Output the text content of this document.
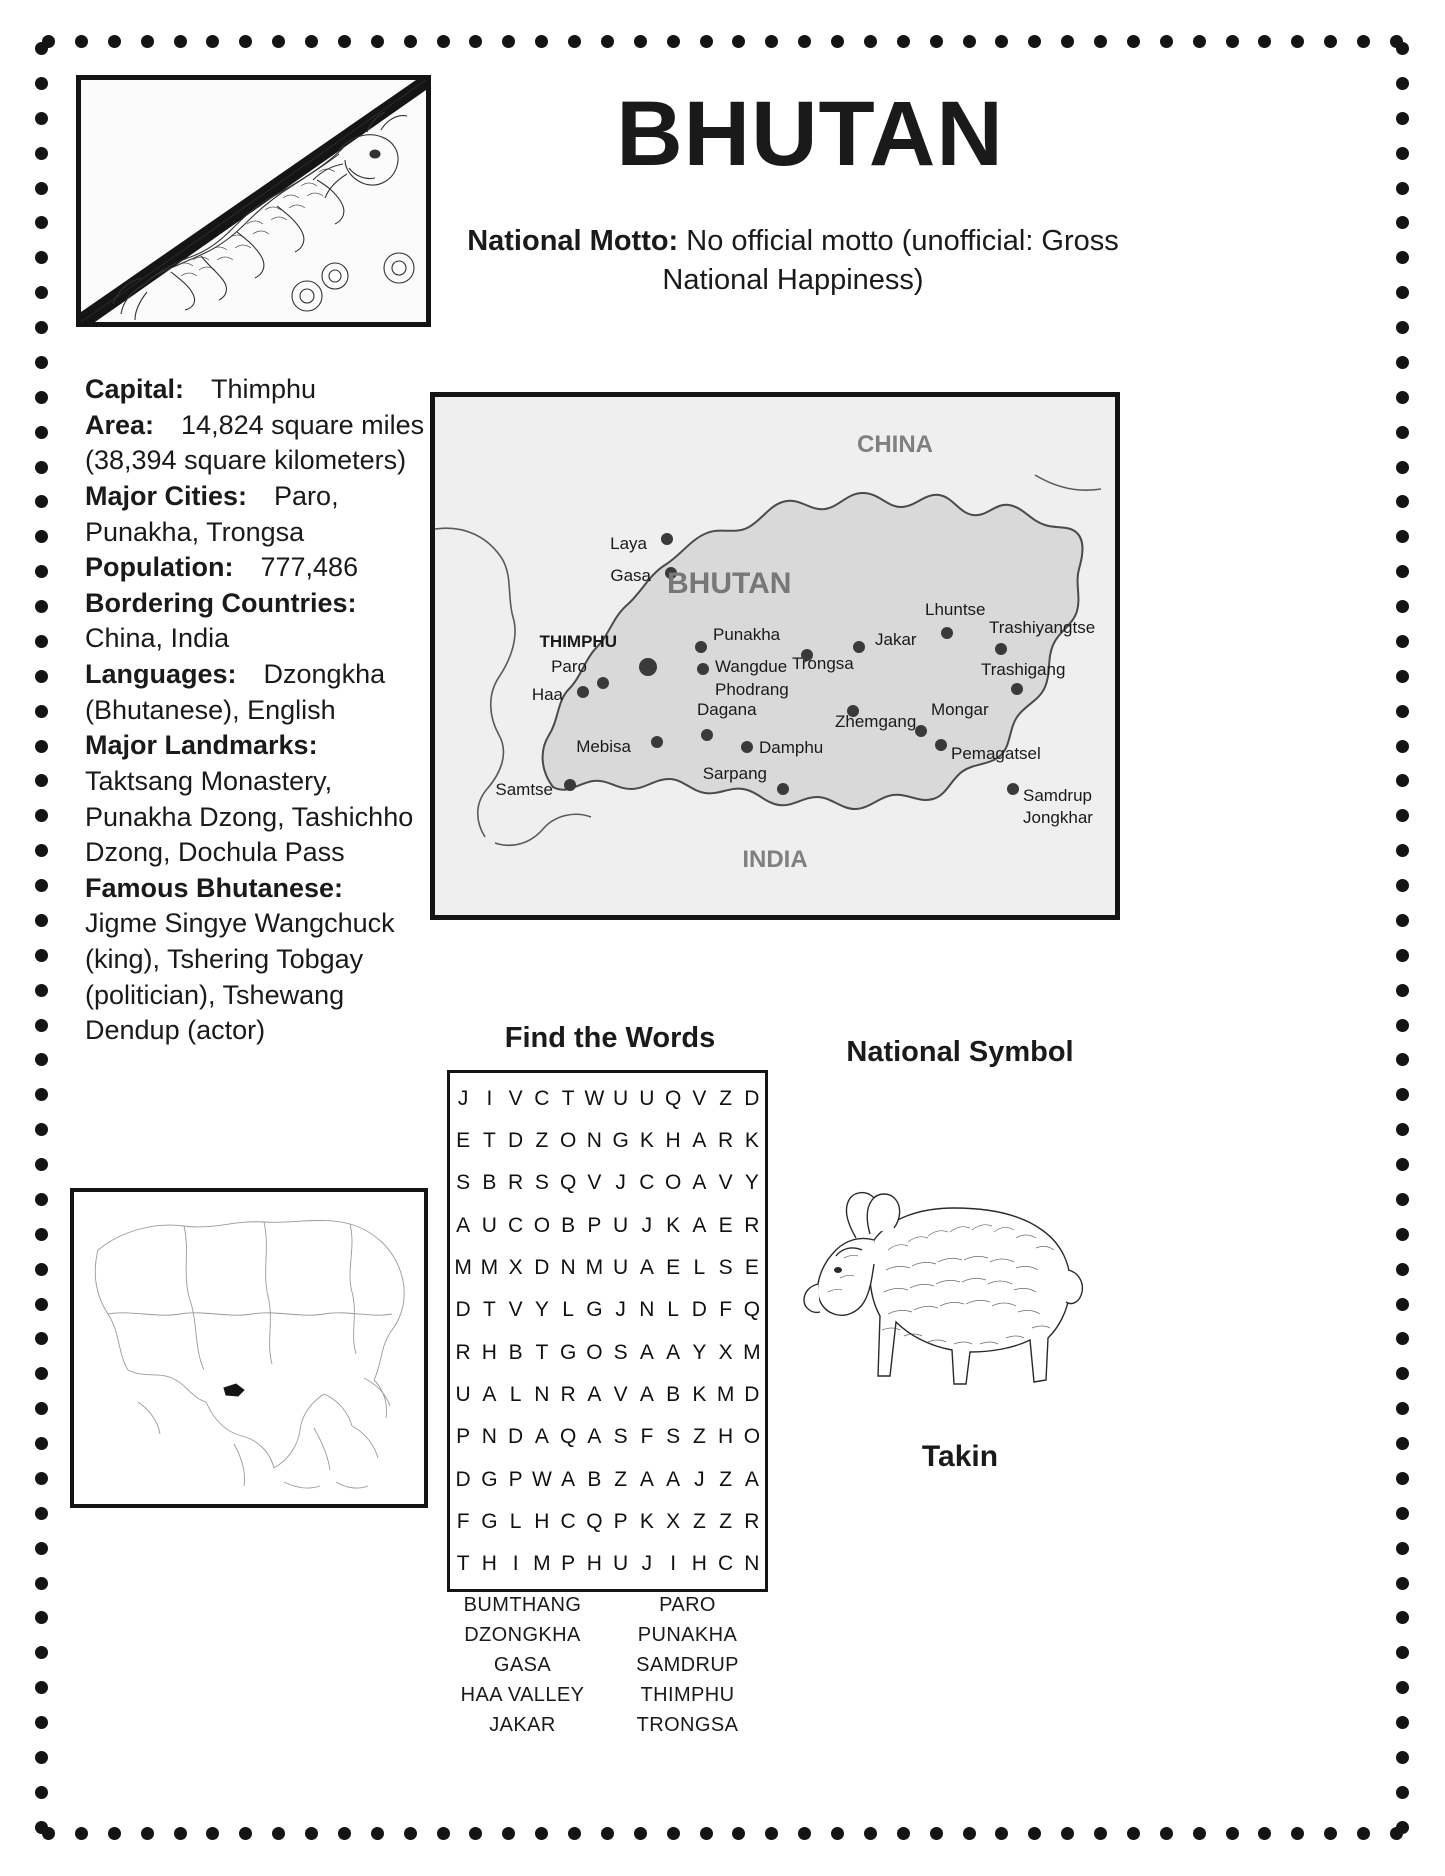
BHUTAN
National Motto: No official motto (unofficial: Gross National Happiness)
Capital:  Thimphu
Area:  14,824 square miles (38,394 square kilometers)
Major Cities:  Paro, Punakha, Trongsa
Population:  777,486
Bordering Countries:  China, India
Languages:  Dzongkha (Bhutanese), English
Major Landmarks:  Taktsang Monastery, Punakha Dzong, Tashichho Dzong, Dochula Pass
Famous Bhutanese:  Jigme Singye Wangchuck (king), Tshering Tobgay (politician), Tshewang Dendup (actor)
Laya
Gasa
THIMPHU
Paro
Haa
Punakha
Wangdue
Phodrang
Trongsa
Jakar
Lhuntse
Trashiyangtse
Trashigang
Mongar
Zhemgang
Dagana
Damphu
Mebisa
Sarpang
Pemagatsel
Samtse	Samdrup
Jongkhar
CHINA
INDIA
BHUTAN
Find the Words
J I V C T W U U Q V Z D
E T D Z O N G K H A R K
S B R S Q V J C O A V Y
A U C O B P U J K A E R
M M X D N M U A E L S E
D T V Y L G J N L D F Q
R H B T G O S A A Y X M
U A L N R A V A B K M D
P N D A Q A S F S Z H O
D G P W A B Z A A J Z A
F G L H C Q P K X Z Z R
T H I M P H U J I H C N
BUMTHANG	PARO
DZONGKHA	PUNAKHA
GASA	SAMDRUP
HAA VALLEY	THIMPHU
JAKAR	TRONGSA
National Symbol
Takin
